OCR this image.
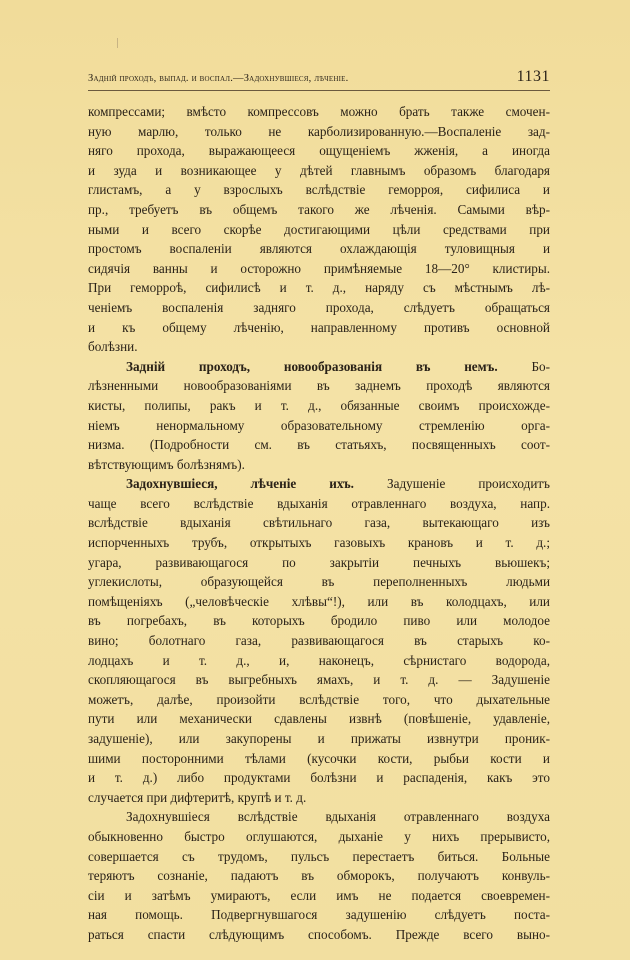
Задній проходъ, выпад. и воспал.—Задохнувшіеся, лѣченіе.	1131
компрессами; вмѣсто компрессовъ можно брать также смочен-
ную марлю, только не карболизированную.—Воспаленіе зад-
няго прохода, выражающееся ощущеніемъ жженія, а иногда
и зуда и возникающее у дѣтей главнымъ образомъ благодаря
глистамъ, а у взрослыхъ вслѣдствіе геморроя, сифилиса и
пр., требуетъ въ общемъ такого же лѣченія. Самыми вѣр-
ными и всего скорѣе достигающими цѣли средствами при
простомъ воспаленіи являются охлаждающія туловищныя и
сидячія ванны и осторожно примѣняемые 18—20° клистиры.
При геморроѣ, сифилисѣ и т. д., наряду съ мѣстнымъ лѣ-
ченіемъ воспаленія задняго прохода, слѣдуетъ обращаться
и къ общему лѣченію, направленному противъ основной
болѣзни.
Задній проходъ, новообразованія въ немъ.	Бо-
лѣзненными новообразованіями въ заднемъ проходѣ являются
кисты, полипы, ракъ и т. д., обязанные своимъ происхожде-
ніемъ ненормальному образовательному стремленію орга-
низма. (Подробности см. въ статьяхъ, посвященныхъ соот-
вѣтствующимъ болѣзнямъ).
Задохнувшіеся, лѣченіе ихъ.	Задушеніе происходитъ
чаще всего вслѣдствіе вдыханія отравленнаго воздуха, напр.
вслѣдствіе вдыханія свѣтильнаго газа, вытекающаго изъ
испорченныхъ трубъ, открытыхъ газовыхъ крановъ и т. д.;
угара, развивающагося по закрытіи печныхъ вьюшекъ;
углекислоты, образующейся въ переполненныхъ людьми
помѣщеніяхъ („человѣческіе хлѣвы“!), или въ колодцахъ, или
въ погребахъ, въ которыхъ бродило пиво или молодое
вино; болотнаго газа, развивающагося въ старыхъ ко-
лодцахъ и т. д., и, наконецъ, сѣрнистаго водорода,
скопляющагося въ выгребныхъ ямахъ, и т. д. — Задушеніе
можетъ, далѣе, произойти вслѣдствіе того, что дыхательные
пути или механически сдавлены извнѣ (повѣшеніе, удавленіе,
задушеніе), или закупорены и прижаты извнутри проник-
шими посторонними тѣлами (кусочки кости, рыбьи кости и
и т. д.) либо продуктами болѣзни и распаденія, какъ это
случается при дифтеритѣ, крупѣ и т. д.
Задохнувшіеся вслѣдствіе вдыханія отравленнаго воздуха
обыкновенно быстро оглушаются, дыханіе у нихъ прерывисто,
совершается съ трудомъ, пульсъ перестаетъ биться. Больные
теряютъ сознаніе, падаютъ въ обморокъ, получаютъ конвуль-
сіи и затѣмъ умираютъ, если имъ не подается своевремен-
ная помощь. Подвергнувшагося задушенію слѣдуетъ поста-
раться спасти слѣдующимъ способомъ. Прежде всего выно-
